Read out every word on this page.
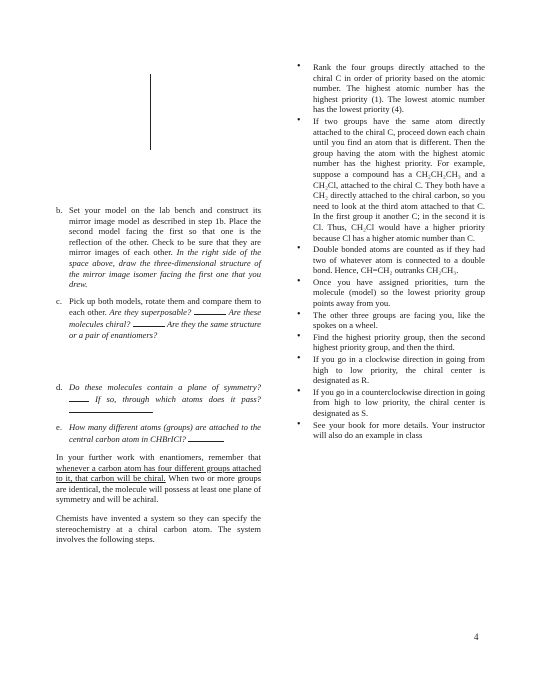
b. Set your model on the lab bench and construct its mirror image model as described in step 1b. Place the second model facing the first so that one is the reflection of the other. Check to be sure that they are mirror images of each other. In the right side of the space above, draw the three-dimensional structure of the mirror image isomer facing the first one that you drew.
c. Pick up both models, rotate them and compare them to each other. Are they superposable?	Are these molecules chiral?	Are they the same structure or a pair of enantiomers?
d. Do these molecules contain a plane of symmetry?  If so, through which atoms does it pass?
e. How many different atoms (groups) are attached to the central carbon atom in CHBrICl?
In your further work with enantiomers, remember that whenever a carbon atom has four different groups attached to it, that carbon will be chiral. When two or more groups are identical, the molecule will possess at least one plane of symmetry and will be achiral.
Chemists have invented a system so they can specify the stereochemistry at a chiral carbon atom. The system involves the following steps.
•	Rank the four groups directly attached to the chiral C in order of priority based on the atomic number. The highest atomic number has the highest priority (1). The lowest atomic number has the lowest priority (4).
•	If two groups have the same atom directly attached to the chiral C, proceed down each chain until you find an atom that is different. Then the group having the atom with the highest atomic number has the highest priority. For example, suppose a compound has a CH₂CH₂CH₃ and a CH₂Cl, attached to the chiral C. They both have a CH₂ directly attached to the chiral carbon, so you need to look at the third atom attached to that C. In the first group it another C; in the second it is Cl. Thus, CH₂Cl would have a higher priority because Cl has a higher atomic number than C.
•	Double bonded atoms are counted as if they had two of whatever atom is connected to a double bond. Hence, CH=CH₂ outranks CH₂CH₃.
•	Once you have assigned priorities, turn the molecule (model) so the lowest priority group points away from you.
•	The other three groups are facing you, like the spokes on a wheel.
•	Find the highest priority group, then the second highest priority group, and then the third.
•	If you go in a clockwise direction in going from high to low priority, the chiral center is designated as R.
•	If you go in a counterclockwise direction in going from high to low priority, the chiral center is designated as S.
•	See your book for more details. Your instructor will also do an example in class
4
